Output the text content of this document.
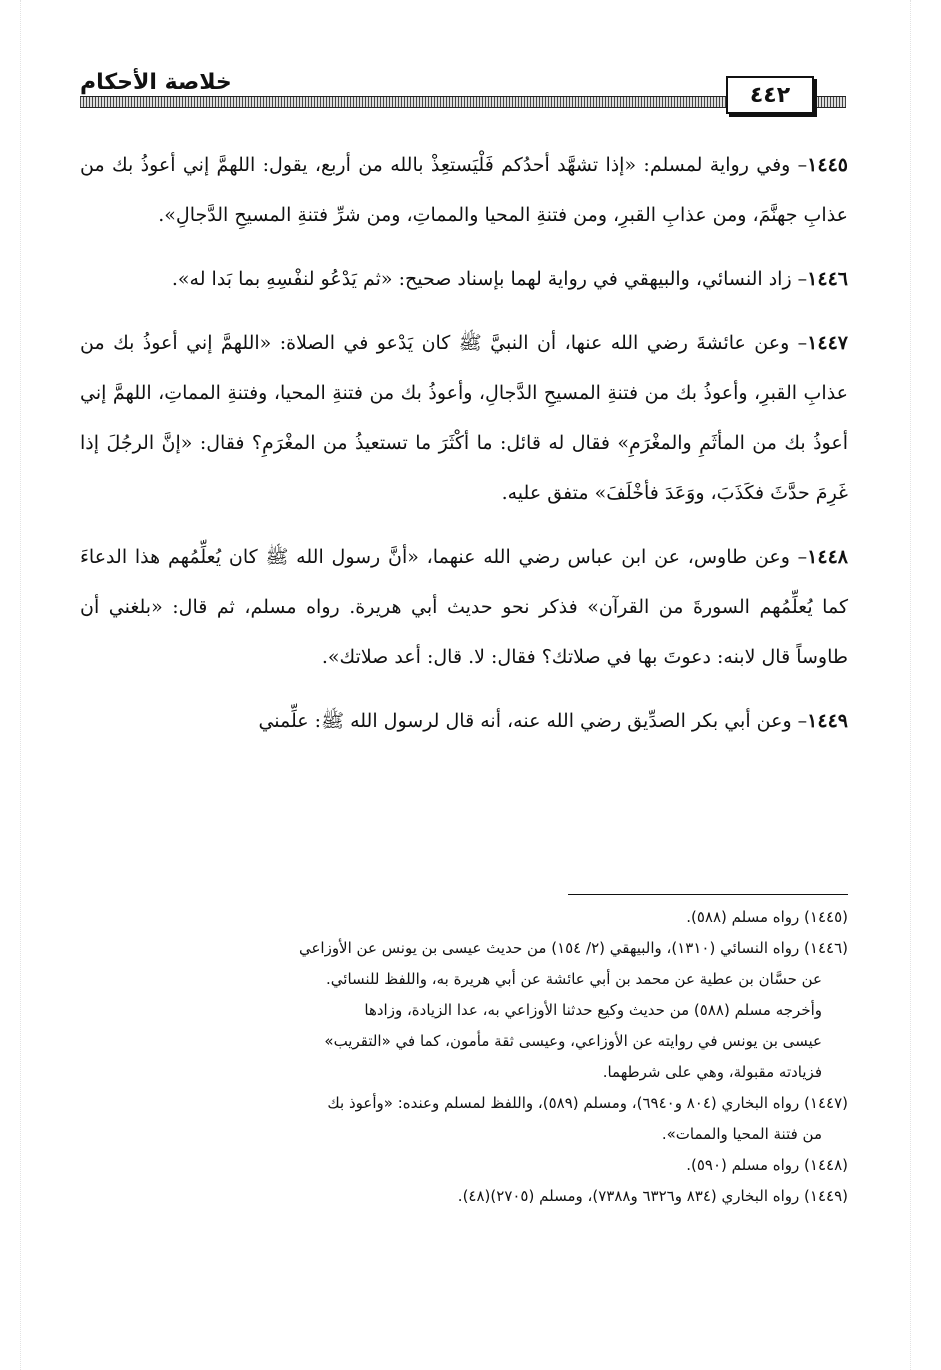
خلاصة الأحكام	٤٤٢

١٤٤٥– وفي رواية لمسلم: «إذا تشهَّد أحدُكم فَلْيَستعِذْ بالله من أربع، يقول: اللهمَّ إني أعوذُ بك من عذابِ جهنَّمَ، ومن عذابِ القبرِ، ومن فتنةِ المحيا والمماتِ، ومن شرِّ فتنةِ المسيحِ الدَّجالِ».

١٤٤٦– زاد النسائي، والبيهقي في رواية لهما بإسناد صحيح: «ثم يَدْعُو لنفْسِهِ بما بَدا له».

١٤٤٧– وعن عائشةَ رضي الله عنها، أن النبيَّ ﷺ كان يَدْعو في الصلاة: «اللهمَّ إني أعوذُ بك من عذابِ القبرِ، وأعوذُ بك من فتنةِ المسيحِ الدَّجالِ، وأعوذُ بك من فتنةِ المحيا، وفتنةِ المماتِ، اللهمَّ إني أعوذُ بك من المأثَمِ والمغْرَمِ» فقال له قائل: ما أكْثَرَ ما تستعيذُ من المغْرَمِ؟ فقال: «إنَّ الرجُلَ إذا غَرِمَ حدَّثَ فكَذَبَ، ووَعَدَ فأخْلَفَ» متفق عليه.

١٤٤٨– وعن طاوس، عن ابن عباس رضي الله عنهما، «أنَّ رسول الله ﷺ كان يُعلِّمُهم هذا الدعاءَ كما يُعلِّمُهم السورةَ من القرآن» فذكر نحو حديث أبي هريرة. رواه مسلم، ثم قال: «بلغني أن طاوساً قال لابنه: دعوتَ بها في صلاتك؟ فقال: لا. قال: أعد صلاتك».

١٤٤٩– وعن أبي بكر الصدِّيق رضي الله عنه، أنه قال لرسول الله ﷺ: علِّمني

(١٤٤٥) رواه مسلم (٥٨٨).

(١٤٤٦) رواه النسائي (١٣١٠)، والبيهقي (٢/ ١٥٤) من حديث عيسى بن يونس عن الأوزاعي

عن حسَّان بن عطية عن محمد بن أبي عائشة عن أبي هريرة به، واللفظ للنسائي.

وأخرجه مسلم (٥٨٨) من حديث وكيع حدثنا الأوزاعي به، عدا الزيادة، وزادها

عيسى بن يونس في روايته عن الأوزاعي، وعيسى ثقة مأمون، كما في «التقريب»

فزيادته مقبولة، وهي على شرطهما.

(١٤٤٧) رواه البخاري (٨٠٤ و٦٩٤٠)، ومسلم (٥٨٩)، واللفظ لمسلم وعنده: «وأعوذ بك

من فتنة المحيا والممات».

(١٤٤٨) رواه مسلم (٥٩٠).

(١٤٤٩) رواه البخاري (٨٣٤ و٦٣٢٦ و٧٣٨٨)، ومسلم (٢٧٠٥)(٤٨).
